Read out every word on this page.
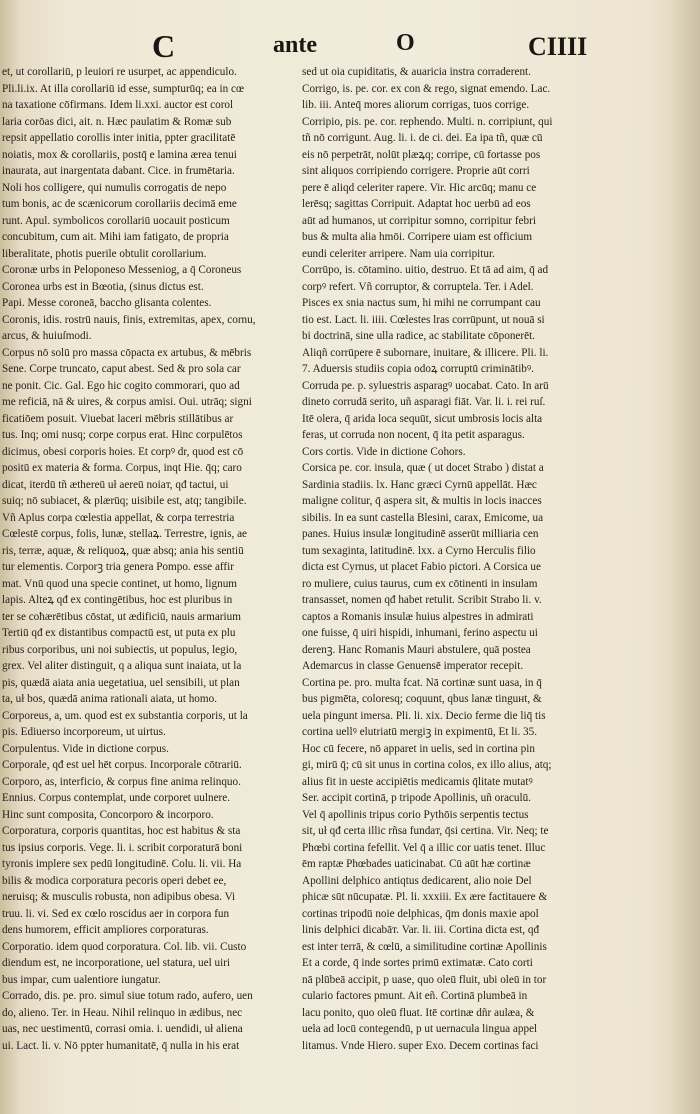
C	ante	O	CIIII
et, ut corollariū, p leuiori re usurpet, ac appendiculo.
Pli.li.ix. At illa corollariū id esse, sumpturūq; ea in cœ
na taxatione cōfirmans. Idem li.xxi. auctor est corol
laria corōas dici, ait. n. Hæc paulatim & Romæ sub
repsit appellatio corollis inter initia, ppter gracilitatē
noiatis, mox & corollariis, postq̄ e lamina ærea tenui
inaurata, aut inargentata dabant. Cice. in frumētaria.
Noli hos colligere, qui numulis corrogatis de nepo
tum bonis, ac de scænicorum corollariis decimā eme
runt. Apul. symbolicos corollariū uocauit posticum
concubitum, cum ait. Mihi iam fatigato, de propria
liberalitate, photis puerile obtulit corollarium.
Coronæ urbs in Peloponeso Messeniog, a q̄ Coroneus
Coronea urbs est in Bœotia, (sinus dictus est.
Papi. Messe coroneā, baccho glisanta colentes.
Coronis, idis. rostrū nauis, finis, extremitas, apex, cornu,
arcus, & huiuſmodi.
Corpus nō solū pro massa cōpacta ex artubus, & mēbris
Sene. Corpe truncato, caput abest. Sed & pro sola car
ne ponit. Cic. Gal. Ego hic cogito commorari, quo ad
me reficiā, nā & uires, & corpus amisi. Oui. utrāq; signi
ficatiōem posuit. Viuebat laceri mēbris stillātibus ar
tus. Inq; omi nusq; corpe corpus erat. Hinc corpulētos
dicimus, obesi corporis hoies. Et corpꝰ dr, quod est cō
positū ex materia & forma. Corpus, inqt Hie. q̄q; caro
dicat, iterdū tñ æthereū uł aereū noiaт, qđ tactui, ui
suiq; nō subiacet, & plærūq; uisibile est, atq; tangibile.
Vñ Aplus corpa cœlestia appellat, & corpa terrestria
Cœlestē corpus, folis, lunæ, stellaꝝ. Terrestre, ignis, ae
ris, terræ, aquæ, & reliquoꝝ, quæ absq; ania his sentiū
tur elementis. Corporꝫ tria genera Pompo. esse affir
mat. Vnū quod una specie continet, ut homo, lignum
lapis. Alteꝝ qđ ex contingētibus, hoc est pluribus in
ter se coħærētibus cōstat, ut ædificiū, nauis armarium
Tertiū qđ ex distantibus compactū est, ut puta ex plu
ribus corporibus, uni noi subiectis, ut populus, legio,
grex. Vel aliter distinguit, q a aliqua sunt inaiata, ut la
pis, quædā aiata ania uegetatiua, uel sensibili, ut plan
ta, uł bos, quædā anima rationali aiata, ut homo.
Corporeus, a, um. quod est ex substantia corporis, ut la
pis. Ediuerso incorporeum, ut uirtus.
Corpulentus. Vide in dictione corpus.
Corporale, qđ est uel hēt corpus. Incorporale cōtrariū.
Corporo, as, interficio, & corpus fine anima relinquo.
Ennius. Corpus contemplat, unde corporet uulnere.
Hinc sunt composita, Concorporo & incorporo.
Corporatura, corporis quantitas, hoc est habitus & sta
tus ipsius corporis. Vege. li. i. scribit corporaturā boni
tyronis implere sex pedū longitudinē. Colu. li. vii. Ha
bilis & modica corporatura pecoris operi debet ee,
neruisq; & musculis robusta, non adipibus obesa. Vi
truu. li. vi. Sed ex cœlo roscidus aer in corpora fun
dens humorem, efficit ampliores corporaturas.
Corporatio. idem quod corporatura. Col. lib. vii. Custo
diendum est, ne incorporatione, uel statura, uel uiri
bus impar, cum ualentiore iungatur.
Corrado, dis. pe. pro. simul siue totum rado, aufero, uen
do, alieno. Ter. in Heau. Nihil relinquo in ædibus, nec
uas, nec uestimentū, corrasi omia. i. uendidi, uł aliena
ui. Lact. li. v. Nō ppter humanitatē, q̄ nulla in his erat
sed ut oia cupiditatis, & auaricia instra corraderent.
Corrigo, is. pe. cor. ex con & rego, signat emendo. Lac.
lib. iii. Anteq̄ mores aliorum corrigas, tuos corrige.
Corripio, pis. pe. cor. rephendo. Multi. n. corripiunt, qui
tñ nō corrigunt. Aug. li. i. de ci. dei. Ea ipa tñ, quæ cū
eis nō perpetrāt, nolūt plæꝝq; corripe, cū fortasse pos
sint aliquos corripiendo corrigere. Proprie aūt corri
pere ē aliqd celeriter rapere. Vir. Hic arcūq; manu ce
lerēsq; sagittas Corripuit. Adaptat hoc uerbū ad eos
aūt ad humanos, ut corripitur somno, corripitur febri
bus & multa alia hmōi. Corripere uiam est officium
eundi celeriter arripere. Nam uia corripitur.
Corrūpo, is. cōtamino. uitio, destruo. Et tā ad aim, q̄ ad
corpꝰ refert. Vñ corruptor, & corruptela. Ter. i Adel.
Pisces ex snia nactus sum, hi mihi ne corrumpant cau
tio est. Lact. li. iiii. Cœlestes lras corrūpunt, ut nouā si
bi doctrinā, sine ulla radice, ac stabilitate cōponerēt.
Aliqñ corrūpere ē subornare, inuitare, & illicere. Pli. li.
7. Aduersis studiis copia odoꝝ corruptū criminātibꝰ.
Corruda pe. p. syluestris asparagꝰ uocabat. Cato. In arū
dineto corrudā serito, uñ asparagi fiāt. Var. li. i. rei ruſ.
Itē olera, q̄ arida loca sequūt, sicut umbrosis locis alta
feras, ut corruda non nocent, q̄ ita petit asparagus.
Cors cortis. Vide in dictione Cohors.
Corsica pe. cor. insula, quæ ( ut docet Strabo ) distat a
Sardinia stadiis. lx. Hanc græci Cyrnū appellāt. Hæc
maligne colitur, q̄ aspera sit, & multis in locis inacces
sibilis. In ea sunt castella Blesini, carax, Emicome, ua
panes. Huius insulæ longitudinē asserūt milliaria cen
tum sexaginta, latitudinē. lxx. a Cyrno Herculis filio
dicta est Cyrnus, ut placet Fabio pictori. A Corsica ue
ro muliere, cuius taurus, cum ex cōtinenti in insulam
transasset, nomen qđ habet retulit. Scribit Strabo li. v.
captos a Romanis insulæ huius alpestres in admirati
one fuisse, q̄ uiri hispidi, inhumani, ferino aspectu ui
derenꝫ. Hanc Romanis Mauri abstulere, quā postea
Ademarcus in classe Genuensē imperator recepit.
Cortina pe. pro. multa fcat. Nā cortinæ sunt uasa, in q̄
bus pigmēta, coloresq; coquunt, qbus lanæ tinguнt, &
uela pingunt imersa. Pli. li. xix. Decio ferme die liq̄ tis
cortina uellꝰ elutriatū mergiꝫ in expimentū, Et li. 35.
Hoc cū fecere, nō apparet in uelis, sed in cortina pin
gi, mirū q̄; cū sit unus in cortina colos, ex illo alius, atq;
alius fit in ueste accipiētis medicamis q̄litate mutatꝰ
Ser. accipit cortinā, p tripode Apollinis, uñ oraculū.
Vel q̄ apollinis tripus corio Pythōis serpentis tectus
sit, uł qđ certa illic rñsa fundaт, q̄si certina. Vir. Neq; te
Phœbi cortina fefellit. Vel q̄ a illic cor uatis tenet. Illuc
ēm raptæ Phœbades uaticinabat. Cū aūt hæ cortinæ
Apollini delphico antiqtus dedicarent, alio noie Del
phicæ sūt nūcupatæ. Pl. li. xxxiii. Ex ære factitauere &
cortinas tripodū noie delphicas, q̄m donis maxie apol
linis delphici dicabāт. Var. li. iii. Cortina dicta est, qđ
est inter terrā, & cœlū, a similitudine cortinæ Apollinis
Et a corde, q̄ inde sortes primū extimatæ. Cato corti
nā plūbeā accipit, p uase, quo oleū fluit, ubi oleū in tor
culario factores pmunt. Ait eñ. Cortinā plumbeā in
lacu ponito, quo oleū fluat. Itē cortinæ dñr aulæa, &
uela ad locū contegendū, p ut uernacula lingua appel
litamus. Vnde Hiero. super Exo. Decem cortinas faci
